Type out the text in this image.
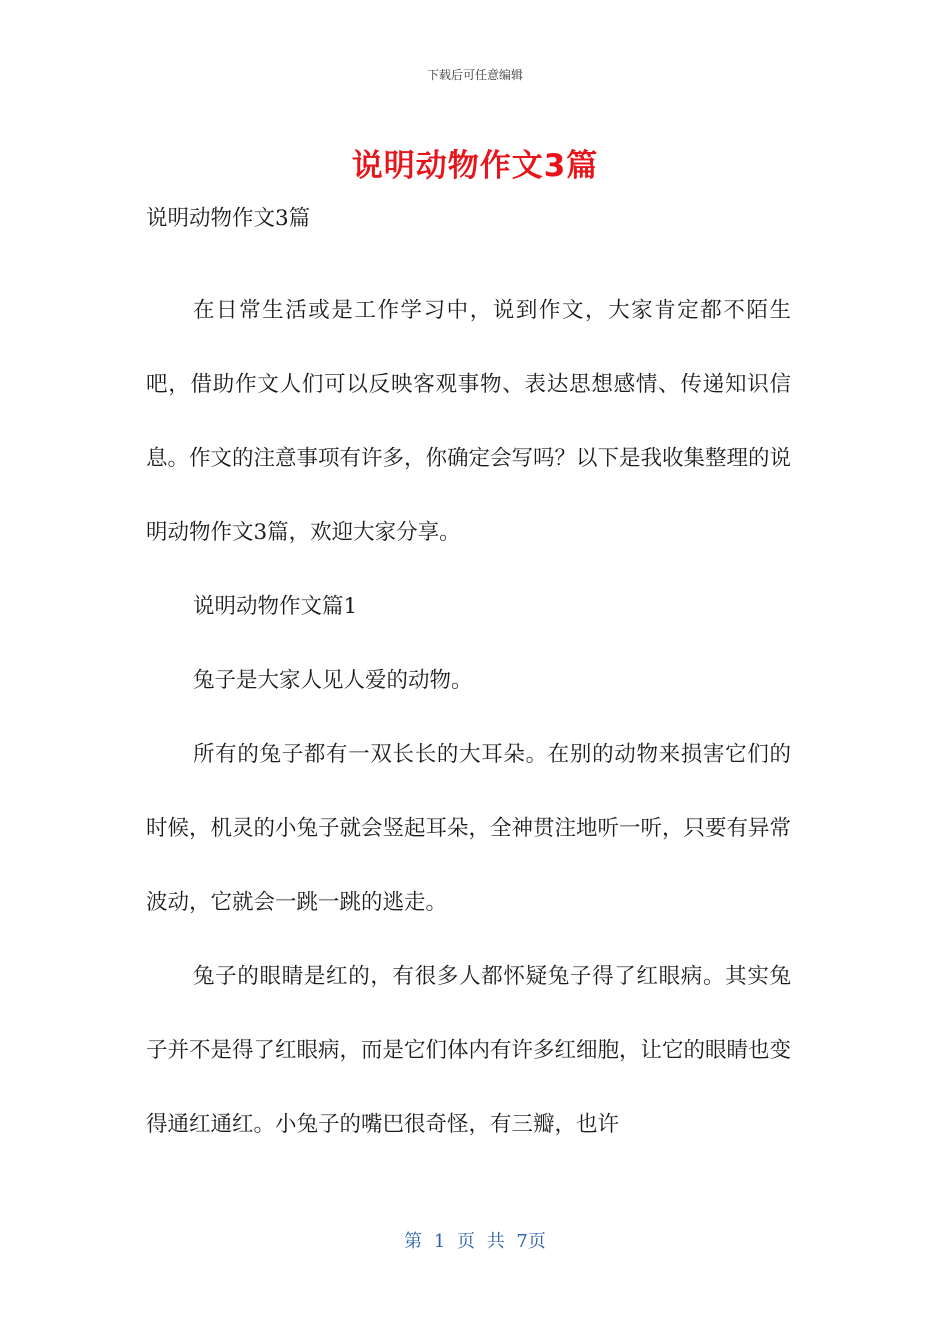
下载后可任意编辑
说明动物作文3篇

说明动物作文3篇

在日常生活或是工作学习中，说到作文，大家肯定都不陌生吧，借助作文人们可以反映客观事物、表达思想感情、传递知识信息。作文的注意事项有许多，你确定会写吗？以下是我收集整理的说明动物作文3篇，欢迎大家分享。

说明动物作文篇1

兔子是大家人见人爱的动物。

所有的兔子都有一双长长的大耳朵。在别的动物来损害它们的时候，机灵的小兔子就会竖起耳朵，全神贯注地听一听，只要有异常波动，它就会一跳一跳的逃走。

兔子的眼睛是红的，有很多人都怀疑兔子得了红眼病。其实兔子并不是得了红眼病，而是它们体内有许多红细胞，让它的眼睛也变得通红通红。小兔子的嘴巴很奇怪，有三瓣，也许

第 1 页 共 7页
